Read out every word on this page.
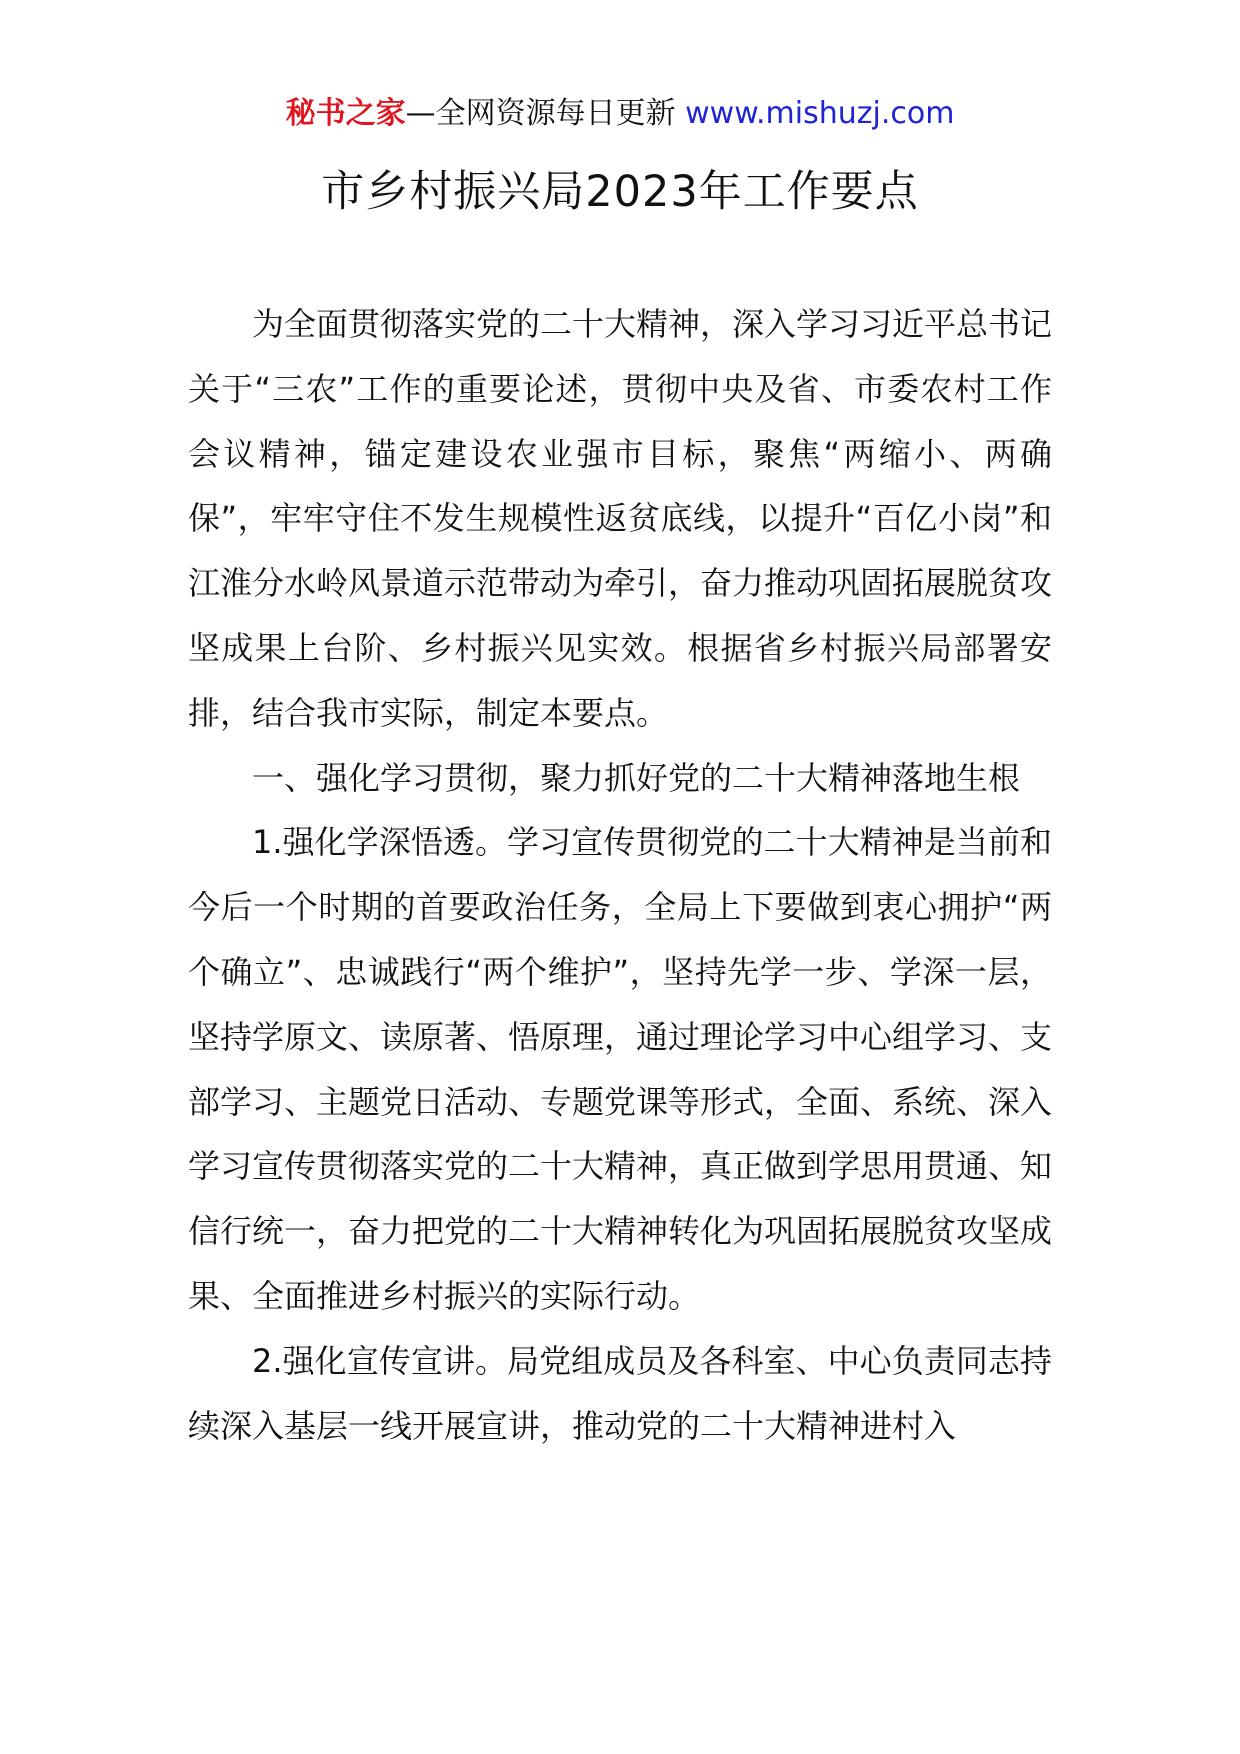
秘书之家—全网资源每日更新 www.mishuzj.com
市乡村振兴局2023年工作要点

为全面贯彻落实党的二十大精神，深入学习习近平总书记关于“三农”工作的重要论述，贯彻中央及省、市委农村工作会议精神，锚定建设农业强市目标，聚焦“两缩小、两确保”，牢牢守住不发生规模性返贫底线，以提升“百亿小岗”和江淮分水岭风景道示范带动为牵引，奋力推动巩固拓展脱贫攻坚成果上台阶、乡村振兴见实效。根据省乡村振兴局部署安排，结合我市实际，制定本要点。

一、强化学习贯彻，聚力抓好党的二十大精神落地生根

1.强化学深悟透。学习宣传贯彻党的二十大精神是当前和今后一个时期的首要政治任务，全局上下要做到衷心拥护“两个确立”、忠诚践行“两个维护”，坚持先学一步、学深一层，坚持学原文、读原著、悟原理，通过理论学习中心组学习、支部学习、主题党日活动、专题党课等形式，全面、系统、深入学习宣传贯彻落实党的二十大精神，真正做到学思用贯通、知信行统一，奋力把党的二十大精神转化为巩固拓展脱贫攻坚成果、全面推进乡村振兴的实际行动。

2.强化宣传宣讲。局党组成员及各科室、中心负责同志持续深入基层一线开展宣讲，推动党的二十大精神进村入
